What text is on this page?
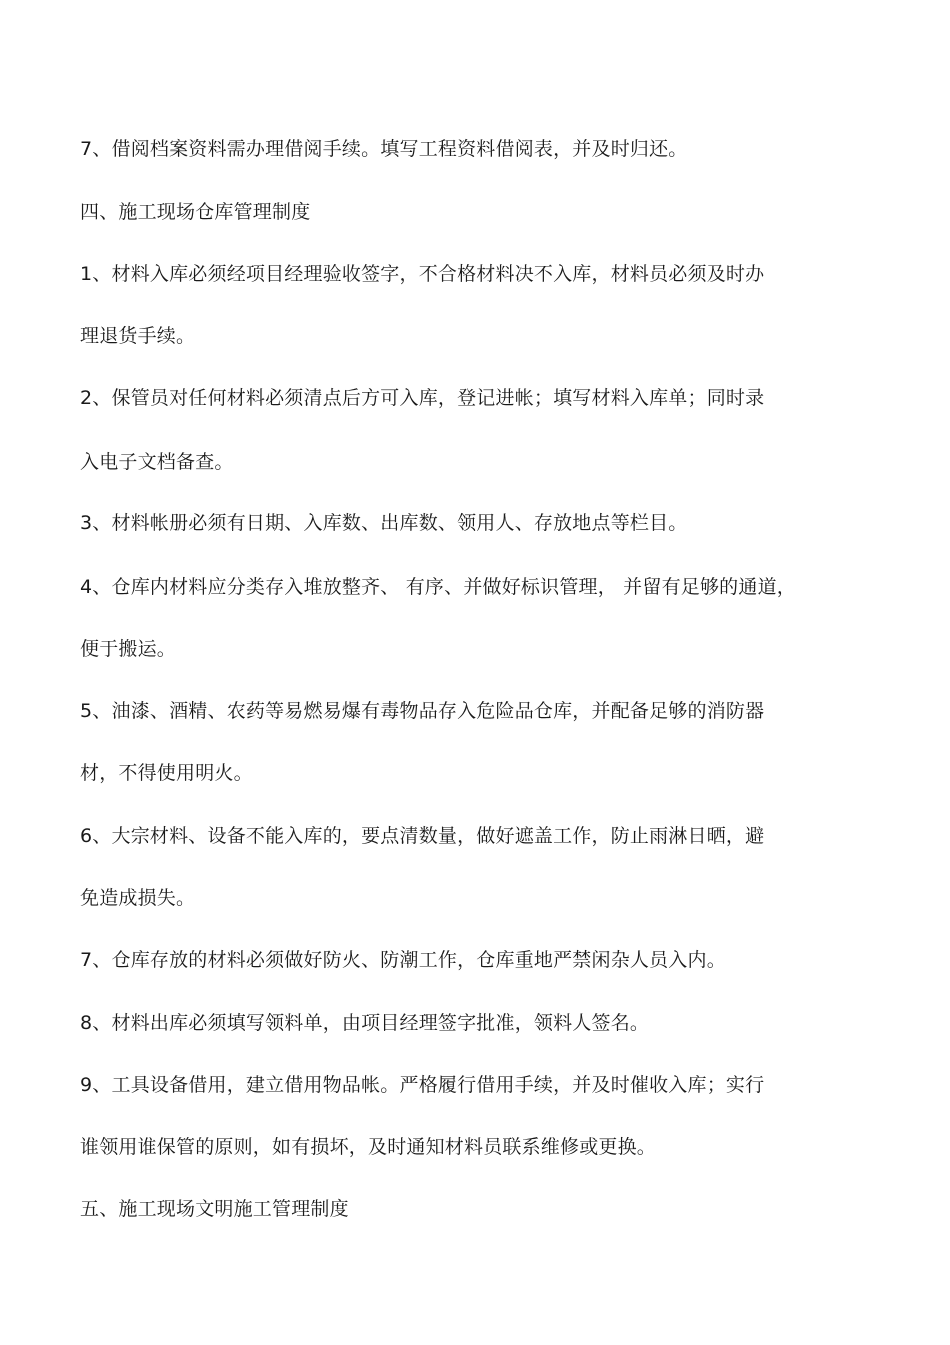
7、借阅档案资料需办理借阅手续。填写工程资料借阅表，并及时归还。

四、施工现场仓库管理制度

1、材料入库必须经项目经理验收签字，不合格材料决不入库，材料员必须及时办

理退货手续。

2、保管员对任何材料必须清点后方可入库，登记进帐；填写材料入库单；同时录

入电子文档备查。

3、材料帐册必须有日期、入库数、出库数、领用人、存放地点等栏目。

4、仓库内材料应分类存入堆放整齐、 有序、并做好标识管理， 并留有足够的通道，

便于搬运。

5、油漆、酒精、农药等易燃易爆有毒物品存入危险品仓库，并配备足够的消防器

材，不得使用明火。

6、大宗材料、设备不能入库的，要点清数量，做好遮盖工作，防止雨淋日晒，避

免造成损失。

7、仓库存放的材料必须做好防火、防潮工作，仓库重地严禁闲杂人员入内。

8、材料出库必须填写领料单，由项目经理签字批准，领料人签名。

9、工具设备借用，建立借用物品帐。严格履行借用手续，并及时催收入库；实行

谁领用谁保管的原则，如有损坏，及时通知材料员联系维修或更换。

五、施工现场文明施工管理制度
